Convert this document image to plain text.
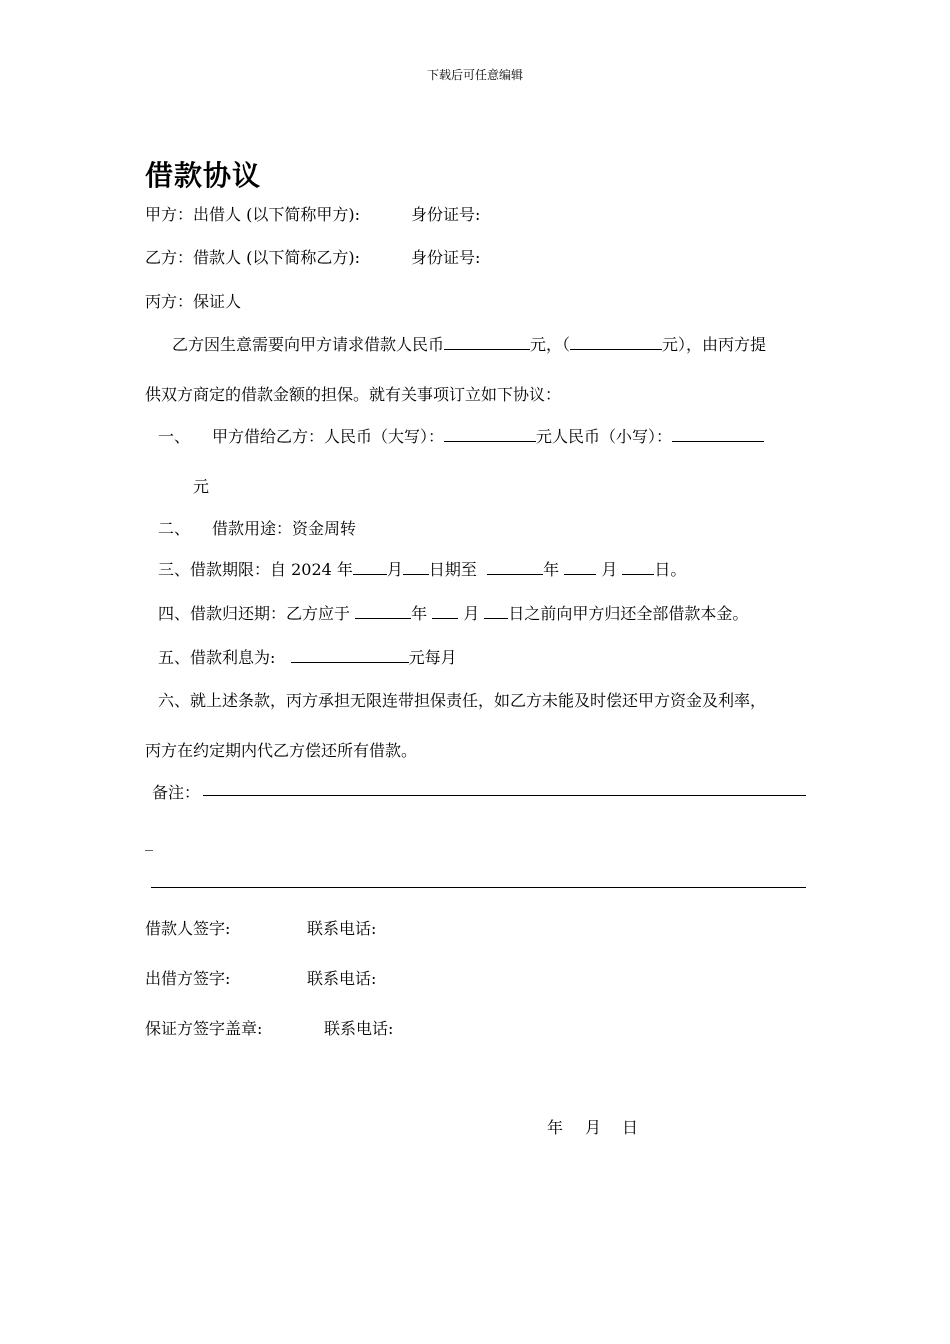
下载后可任意编辑
借款协议
甲方：出借人 (以下简称甲方):	身份证号:
乙方：借款人 (以下简称乙方):	身份证号:
丙方：保证人
乙方因生意需要向甲方请求借款人民币	元，（	元），由丙方提
供双方商定的借款金额的担保。就有关事项订立如下协议：
一、 甲方借给乙方：人民币（大写）：	元人民币（小写）：
元
二、 借款用途：资金周转
三、借款期限：自 2024 年 月 日期至	年	月 日。
四、借款归还期：乙方应于	年 月 日之前向甲方归还全部借款本金。
五、借款利息为:	元每月
六、就上述条款，丙方承担无限连带担保责任，如乙方未能及时偿还甲方资金及利率，
丙方在约定期内代乙方偿还所有借款。
备注：
_
借款人签字:	联系电话:
出借方签字:	联系电话:
保证方签字盖章:	联系电话:
年 月 日
